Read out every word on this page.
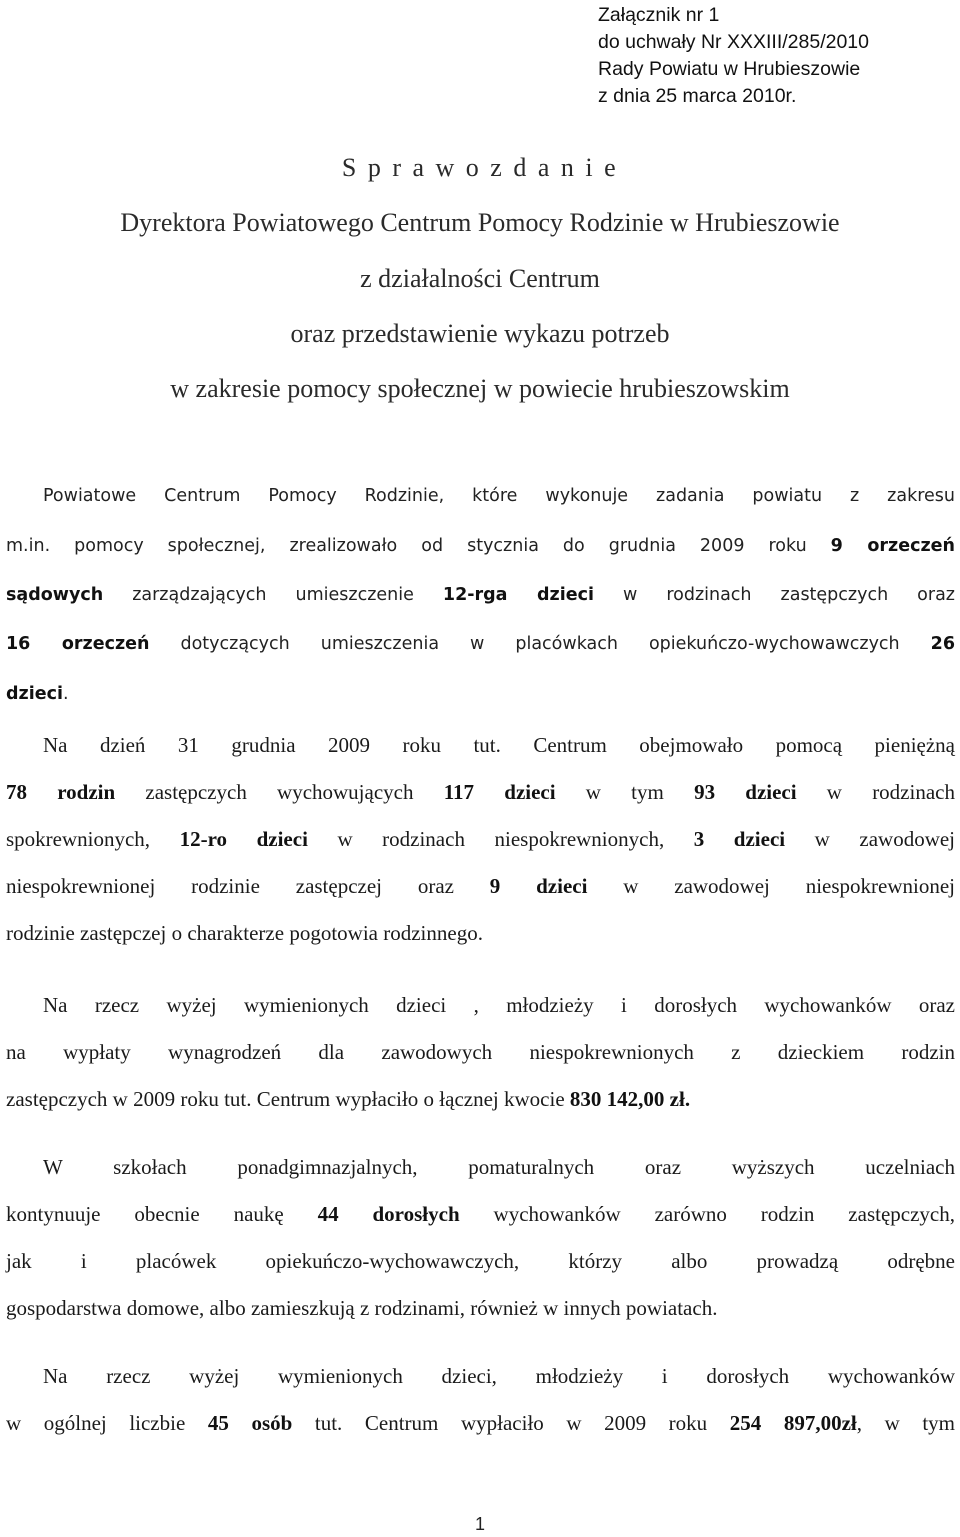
Załącznik nr 1
do uchwały Nr XXXIII/285/2010
Rady Powiatu w Hrubieszowie
z dnia 25 marca 2010r.
S p r a w o z d a n i e
Dyrektora Powiatowego Centrum Pomocy Rodzinie w Hrubieszowie
z działalności Centrum
oraz przedstawienie wykazu potrzeb
w zakresie pomocy społecznej w powiecie hrubieszowskim
Powiatowe Centrum Pomocy Rodzinie, które wykonuje zadania powiatu z zakresu
m.in. pomocy społecznej, zrealizowało od stycznia do grudnia 2009 roku 9 orzeczeń
sądowych zarządzających umieszczenie 12-rga dzieci w rodzinach zastępczych oraz
16 orzeczeń dotyczących umieszczenia w placówkach opiekuńczo-wychowawczych 26
dzieci.
Na dzień 31 grudnia 2009 roku tut. Centrum obejmowało pomocą pieniężną
78 rodzin zastępczych wychowujących 117 dzieci w tym 93 dzieci w rodzinach
spokrewnionych, 12-ro dzieci w rodzinach niespokrewnionych, 3 dzieci w zawodowej
niespokrewnionej rodzinie zastępczej oraz 9 dzieci w zawodowej niespokrewnionej
rodzinie zastępczej o charakterze pogotowia rodzinnego.
Na rzecz wyżej wymienionych dzieci , młodzieży i dorosłych wychowanków oraz
na wypłaty wynagrodzeń dla zawodowych niespokrewnionych z dzieckiem rodzin
zastępczych w 2009 roku tut. Centrum wypłaciło o łącznej kwocie 830 142,00 zł.
W szkołach ponadgimnazjalnych, pomaturalnych oraz wyższych uczelniach
kontynuuje obecnie naukę 44 dorosłych wychowanków zarówno rodzin zastępczych,
jak i placówek opiekuńczo-wychowawczych, którzy albo prowadzą odrębne
gospodarstwa domowe, albo zamieszkują z rodzinami, również w innych powiatach.
Na rzecz wyżej wymienionych dzieci, młodzieży i dorosłych wychowanków
w ogólnej liczbie 45 osób tut. Centrum wypłaciło w 2009 roku 254 897,00zł, w tym
1
